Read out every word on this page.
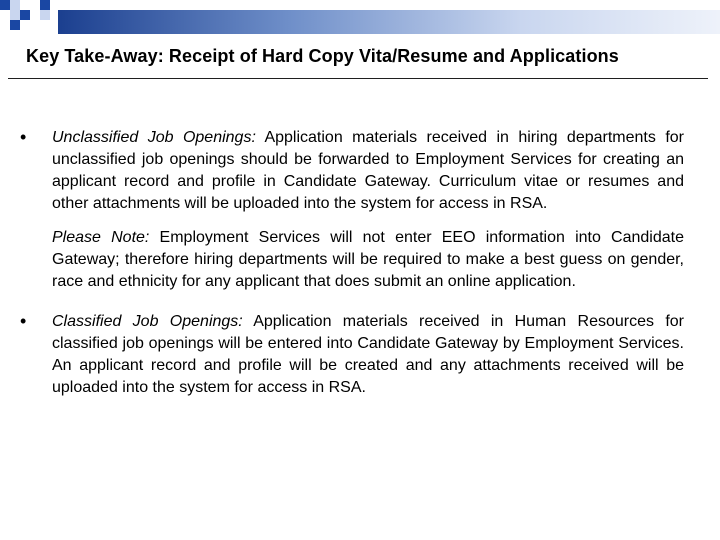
Key Take-Away: Receipt of Hard Copy Vita/Resume and Applications
• Unclassified Job Openings: Application materials received in hiring departments for unclassified job openings should be forwarded to Employment Services for creating an applicant record and profile in Candidate Gateway. Curriculum vitae or resumes and other attachments will be uploaded into the system for access in RSA.
Please Note: Employment Services will not enter EEO information into Candidate Gateway; therefore hiring departments will be required to make a best guess on gender, race and ethnicity for any applicant that does submit an online application.
• Classified Job Openings: Application materials received in Human Resources for classified job openings will be entered into Candidate Gateway by Employment Services. An applicant record and profile will be created and any attachments received will be uploaded into the system for access in RSA.
